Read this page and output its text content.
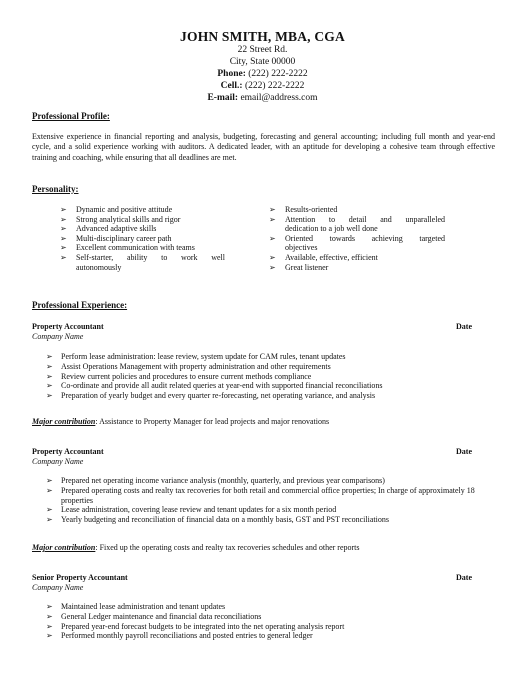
JOHN SMITH, MBA, CGA
22 Street Rd.
City, State 00000
Phone: (222) 222-2222
Cell.: (222) 222-2222
E-mail: email@address.com
Professional Profile:
Extensive experience in financial reporting and analysis, budgeting, forecasting and general accounting; including full month and year-end cycle, and a solid experience working with auditors. A dedicated leader, with an aptitude for developing a cohesive team through effective training and coaching, while ensuring that all deadlines are met.
Personality:
➢ Dynamic and positive attitude
➢ Strong analytical skills and rigor
➢ Advanced adaptive skills
➢ Multi-disciplinary career path
➢ Excellent communication with teams
➢ Self-starter, ability to work well
autonomously
➢ Results-oriented
➢ Attention to detail and unparalleled
dedication to a job well done
➢ Oriented towards achieving targeted
objectives
➢ Available, effective, efficient
➢ Great listener
Professional Experience:
Property Accountant	Date
Company Name
➢ Perform lease administration: lease review, system update for CAM rules, tenant updates
➢ Assist Operations Management with property administration and other requirements
➢ Review current policies and procedures to ensure current methods compliance
➢ Co-ordinate and provide all audit related queries at year-end with supported financial reconciliations
➢ Preparation of yearly budget and every quarter re-forecasting, net operating variance, and analysis
Major contribution: Assistance to Property Manager for lead projects and major renovations
Property Accountant	Date
Company Name
➢ Prepared net operating income variance analysis (monthly, quarterly, and previous year comparisons)
➢ Prepared operating costs and realty tax recoveries for both retail and commercial office properties; In charge of approximately 18 properties
➢ Lease administration, covering lease review and tenant updates for a six month period
➢ Yearly budgeting and reconciliation of financial data on a monthly basis, GST and PST reconciliations
Major contribution: Fixed up the operating costs and realty tax recoveries schedules and other reports
Senior Property Accountant	Date
Company Name
➢ Maintained lease administration and tenant updates
➢ General Ledger maintenance and financial data reconciliations
➢ Prepared year-end forecast budgets to be integrated into the net operating analysis report
➢ Performed monthly payroll reconciliations and posted entries to general ledger
